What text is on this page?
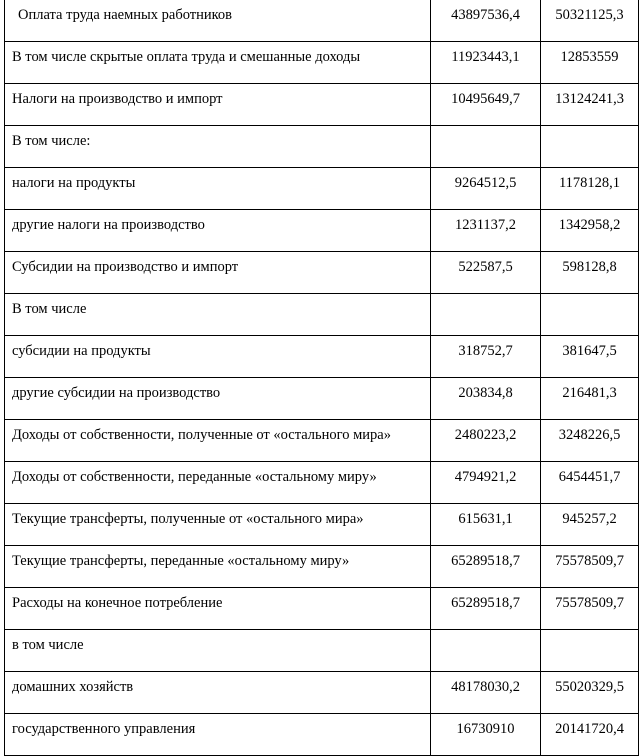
Оплата труда наемных работников	43897536,4	50321125,3
В том числе скрытые оплата труда и смешанные доходы	11923443,1	12853559
Налоги на производство и импорт	10495649,7	13124241,3
В том числе:		
налоги на продукты	9264512,5	1178128,1
другие налоги на производство	1231137,2	1342958,2
Субсидии на производство и импорт	522587,5	598128,8
В том числе		
субсидии на продукты	318752,7	381647,5
другие субсидии на производство	203834,8	216481,3
Доходы от собственности, полученные от «остального мира»	2480223,2	3248226,5
Доходы от собственности, переданные «остальному миру»	4794921,2	6454451,7
Текущие трансферты, полученные от «остального мира»	615631,1	945257,2
Текущие трансферты, переданные «остальному миру»	65289518,7	75578509,7
Расходы на конечное потребление	65289518,7	75578509,7
в том числе		
домашних хозяйств	48178030,2	55020329,5
государственного управления	16730910	20141720,4
